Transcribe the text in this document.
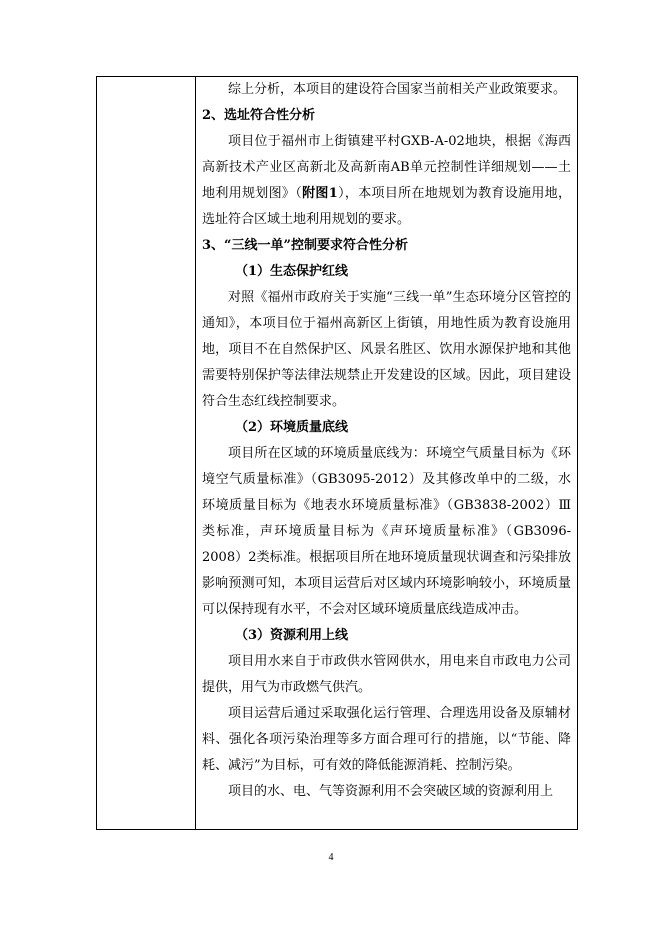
综上分析，本项目的建设符合国家当前相关产业政策要求。

2、选址符合性分析

项目位于福州市上街镇建平村GXB-A-02地块，根据《海西高新技术产业区高新北及高新南AB单元控制性详细规划——土地利用规划图》（附图1），本项目所在地规划为教育设施用地，选址符合区域土地利用规划的要求。

3、“三线一单”控制要求符合性分析

（1）生态保护红线

对照《福州市政府关于实施“三线一单”生态环境分区管控的通知》，本项目位于福州高新区上街镇，用地性质为教育设施用地，项目不在自然保护区、风景名胜区、饮用水源保护地和其他需要特别保护等法律法规禁止开发建设的区域。因此，项目建设符合生态红线控制要求。

（2）环境质量底线

项目所在区域的环境质量底线为：环境空气质量目标为《环境空气质量标准》（GB3095-2012）及其修改单中的二级，水环境质量目标为《地表水环境质量标准》（GB3838-2002）Ⅲ类标准，声环境质量目标为《声环境质量标准》（GB3096-2008）2类标准。根据项目所在地环境质量现状调查和污染排放影响预测可知，本项目运营后对区域内环境影响较小，环境质量可以保持现有水平，不会对区域环境质量底线造成冲击。

（3）资源利用上线

项目用水来自于市政供水管网供水，用电来自市政电力公司提供，用气为市政燃气供汽。

项目运营后通过采取强化运行管理、合理选用设备及原辅材料、强化各项污染治理等多方面合理可行的措施，以“节能、降耗、减污”为目标，可有效的降低能源消耗、控制污染。

项目的水、电、气等资源利用不会突破区域的资源利用上

4
